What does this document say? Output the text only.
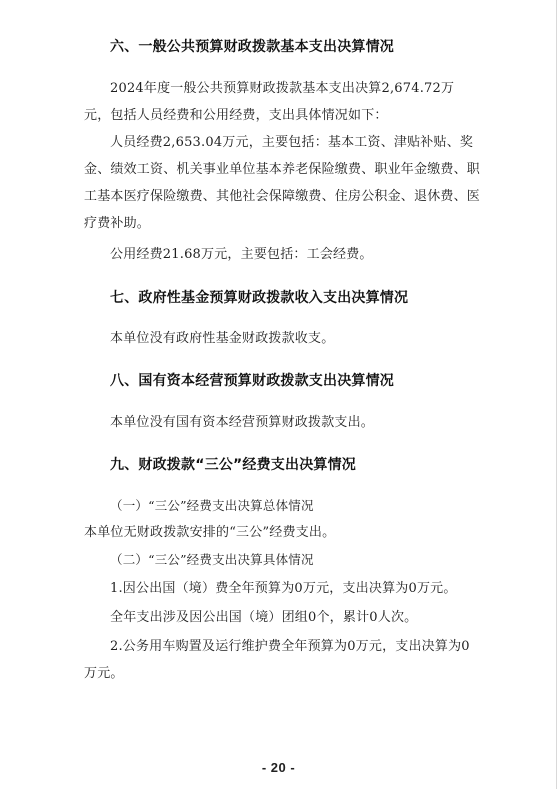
六、一般公共预算财政拨款基本支出决算情况
2024年度一般公共预算财政拨款基本支出决算2,674.72万元，包括人员经费和公用经费，支出具体情况如下：
人员经费2,653.04万元，主要包括：基本工资、津贴补贴、奖金、绩效工资、机关事业单位基本养老保险缴费、职业年金缴费、职工基本医疗保险缴费、其他社会保障缴费、住房公积金、退休费、医疗费补助。
公用经费21.68万元，主要包括：工会经费。
七、政府性基金预算财政拨款收入支出决算情况
本单位没有政府性基金财政拨款收支。
八、国有资本经营预算财政拨款支出决算情况
本单位没有国有资本经营预算财政拨款支出。
九、财政拨款“三公”经费支出决算情况
（一）“三公”经费支出决算总体情况
本单位无财政拨款安排的“三公”经费支出。
（二）“三公”经费支出决算具体情况
1.因公出国（境）费全年预算为0万元，支出决算为0万元。
全年支出涉及因公出国（境）团组0个，累计0人次。
2.公务用车购置及运行维护费全年预算为0万元，支出决算为0万元。
- 20 -
